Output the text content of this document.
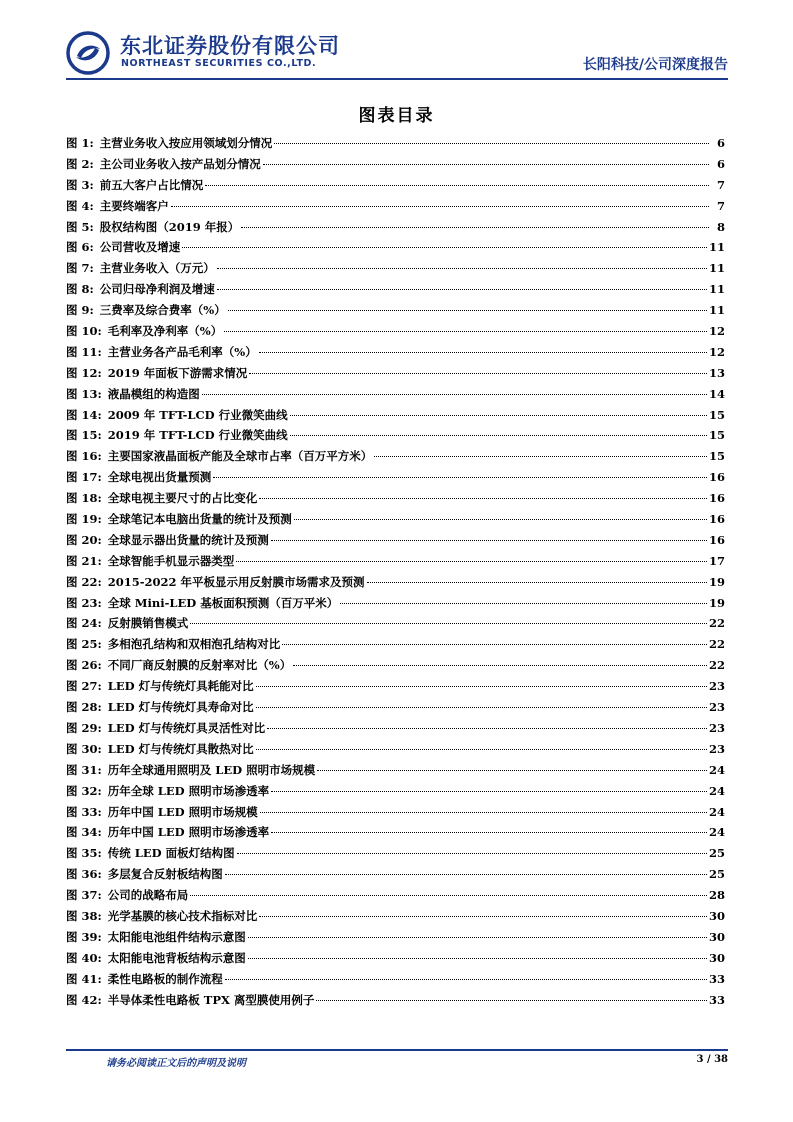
东北证券股份有限公司
NORTHEAST SECURITIES CO.,LTD.	长阳科技/公司深度报告
图表目录
图 1: 主营业务收入按应用领域划分情况	6
图 2: 主公司业务收入按产品划分情况	6
图 3: 前五大客户占比情况	7
图 4: 主要终端客户	7
图 5: 股权结构图（2019 年报）	8
图 6: 公司营收及增速	11
图 7: 主营业务收入（万元）	11
图 8: 公司归母净利润及增速	11
图 9: 三费率及综合费率（%）	11
图 10: 毛利率及净利率（%）	12
图 11: 主营业务各产品毛利率（%）	12
图 12: 2019 年面板下游需求情况	13
图 13: 液晶模组的构造图	14
图 14: 2009 年 TFT-LCD 行业微笑曲线	15
图 15: 2019 年 TFT-LCD 行业微笑曲线	15
图 16: 主要国家液晶面板产能及全球市占率（百万平方米）	15
图 17: 全球电视出货量预测	16
图 18: 全球电视主要尺寸的占比变化	16
图 19: 全球笔记本电脑出货量的统计及预测	16
图 20: 全球显示器出货量的统计及预测	16
图 21: 全球智能手机显示器类型	17
图 22: 2015-2022 年平板显示用反射膜市场需求及预测	19
图 23: 全球 Mini-LED 基板面积预测（百万平米）	19
图 24: 反射膜销售模式	22
图 25: 多相泡孔结构和双相泡孔结构对比	22
图 26: 不同厂商反射膜的反射率对比（%）	22
图 27: LED 灯与传统灯具耗能对比	23
图 28: LED 灯与传统灯具寿命对比	23
图 29: LED 灯与传统灯具灵活性对比	23
图 30: LED 灯与传统灯具散热对比	23
图 31: 历年全球通用照明及 LED 照明市场规模	24
图 32: 历年全球 LED 照明市场渗透率	24
图 33: 历年中国 LED 照明市场规模	24
图 34: 历年中国 LED 照明市场渗透率	24
图 35: 传统 LED 面板灯结构图	25
图 36: 多层复合反射板结构图	25
图 37: 公司的战略布局	28
图 38: 光学基膜的核心技术指标对比	30
图 39: 太阳能电池组件结构示意图	30
图 40: 太阳能电池背板结构示意图	30
图 41: 柔性电路板的制作流程	33
图 42: 半导体柔性电路板 TPX 离型膜使用例子	33
请务必阅读正文后的声明及说明	3 / 38
